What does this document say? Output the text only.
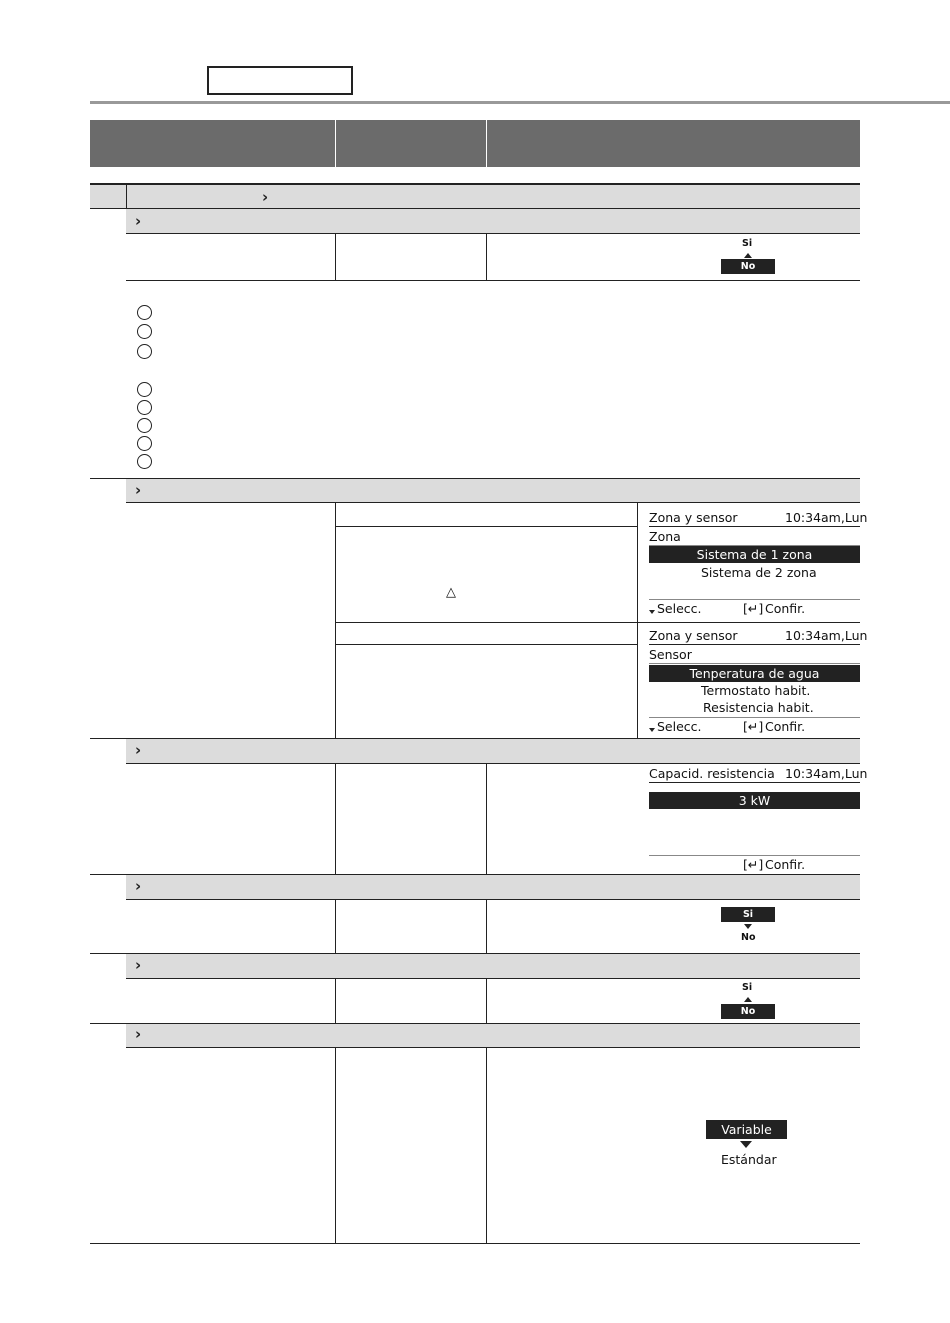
›
›
Si
No
›
△
Zona y sensor	10:34am,Lun
Zona
Sistema de 1 zona
Sistema de 2 zona
Selecc.	[↵] Confir.
Zona y sensor	10:34am,Lun
Sensor
Tenperatura de agua
Termostato habit.
Resistencia habit.
Selecc.	[↵] Confir.
›
Capacid. resistencia 10:34am,Lun
3 kW
[↵] Confir.
›
Si
No
›
Si
No
›
Variable
Estándar
